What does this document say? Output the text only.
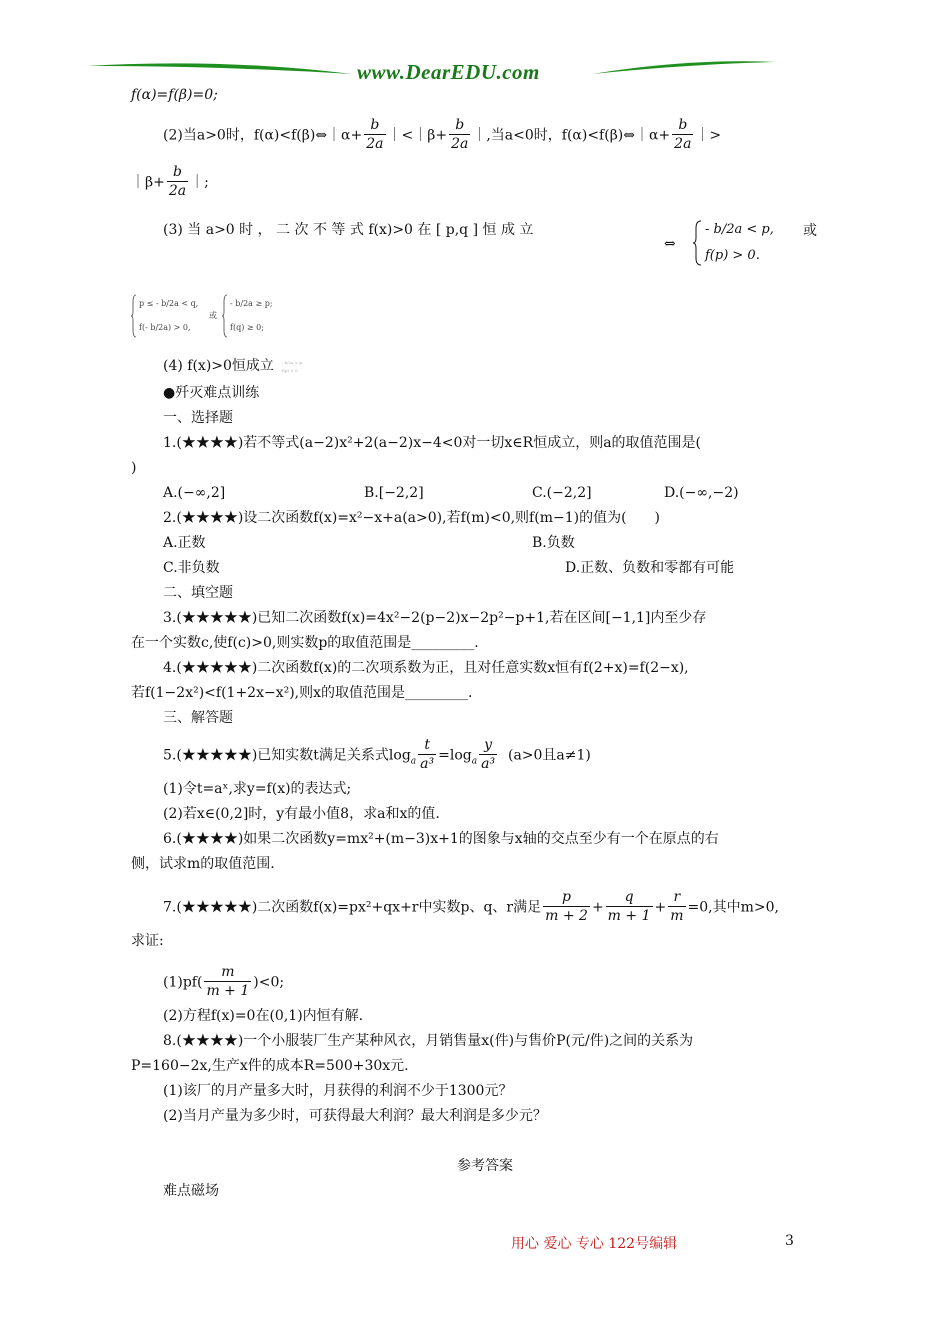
www.DearEDU.com
f(α)=f(β)=0;
(2)当a>0时，f(α)<f(β)⇔｜α+ $\frac{b}{2a}$ ｜<｜β+ $\frac{b}{2a}$ ｜,当a<0时，f(α)<f(β)⇔｜α+ $\frac{b}{2a}$ ｜>
｜β+ $\frac{b}{2a}$ ｜;
(3) 当 a>0 时 ， 二 次 不 等 式 f(x)>0 在 [ p,q ] 恒 成 立
⇔
- b/2a < p,
f(p) > 0.
或
p ≤ - b/2a < q,
f(- b/2a) > 0,
或
- b/2a ≥ p;
f(q) ≥ 0;
(4) f(x)>0恒成立 - b/2a < p,
f(p) > 0.
●歼灭难点训练
一、选择题
1.(★★★★)若不等式(a−2)x²+2(a−2)x−4<0对一切x∈R恒成立，则a的取值范围是(
)
A.(−∞,2]	B.[−2,2]	C.(−2,2]	D.(−∞,−2)
2.(★★★★)设二次函数f(x)=x²−x+a(a>0),若f(m)<0,则f(m−1)的值为(　　)
A.正数	B.负数
C.非负数	D.正数、负数和零都有可能
二、填空题
3.(★★★★★)已知二次函数f(x)=4x²−2(p−2)x−2p²−p+1,若在区间[−1,1]内至少存
在一个实数c,使f(c)>0,则实数p的取值范围是_________.
4.(★★★★★)二次函数f(x)的二次项系数为正，且对任意实数x恒有f(2+x)=f(2−x),
若f(1−2x²)<f(1+2x−x²),则x的取值范围是_________.
三、解答题
5.(★★★★★)已知实数t满足关系式$\log_a \frac{t}{\text{a³}} =\log_a \frac{y}{\text{a³}} (a>0$且a≠1)
(1)令t=aˣ,求y=f(x)的表达式;
(2)若x∈(0,2]时，y有最小值8，求a和x的值.
6.(★★★★)如果二次函数y=mx²+(m−3)x+1的图象与x轴的交点至少有一个在原点的右
侧，试求m的取值范围.
7.(★★★★★)二次函数f(x)=px²+qx+r中实数p、q、r满足 $\frac{p}{m + 2} + \frac{q}{m + 1} + \frac{r}{m} =0$,其中m>0,
求证:
$(1)pf( \frac{m}{m + 1} )<0$;
(2)方程f(x)=0在(0,1)内恒有解.
8.(★★★★)一个小服装厂生产某种风衣，月销售量x(件)与售价P(元/件)之间的关系为
P=160−2x,生产x件的成本R=500+30x元.
(1)该厂的月产量多大时，月获得的利润不少于1300元？
(2)当月产量为多少时，可获得最大利润？最大利润是多少元？
参考答案
难点磁场
用心 爱心 专心 122号编辑	3
